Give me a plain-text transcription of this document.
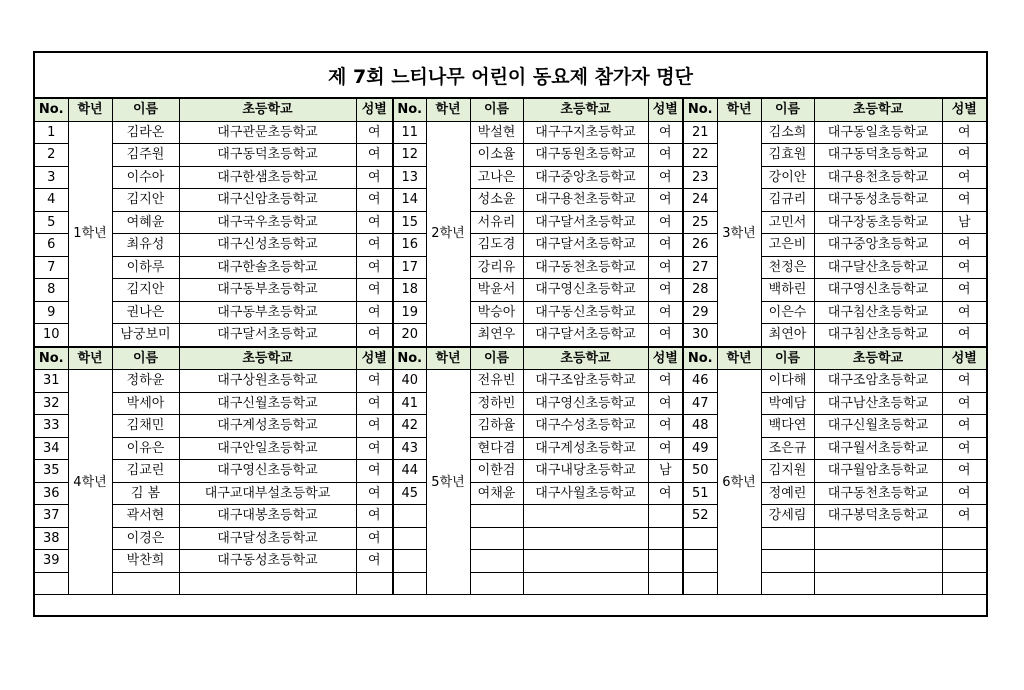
제 7회 느티나무 어린이 동요제 참가자 명단
No.	학년	이름	초등학교	성별	No.	학년	이름	초등학교	성별	No.	학년	이름	초등학교	성별
1	1학년	김라온	대구관문초등학교	여	11	2학년	박설현	대구구지초등학교	여	21	3학년	김소희	대구동일초등학교	여
2		김주원	대구동덕초등학교	여	12		이소율	대구동원초등학교	여	22		김효원	대구동덕초등학교	여
3		이수아	대구한샘초등학교	여	13		고나은	대구중앙초등학교	여	23		강이안	대구용천초등학교	여
4		김지안	대구신암초등학교	여	14		성소윤	대구용천초등학교	여	24		김규리	대구동성초등학교	여
5		여혜윤	대구국우초등학교	여	15		서유리	대구달서초등학교	여	25		고민서	대구장동초등학교	남
6		최유성	대구신성초등학교	여	16		김도경	대구달서초등학교	여	26		고은비	대구중앙초등학교	여
7		이하루	대구한솔초등학교	여	17		강리유	대구동천초등학교	여	27		천정은	대구달산초등학교	여
8		김지안	대구동부초등학교	여	18		박윤서	대구영신초등학교	여	28		백하린	대구영신초등학교	여
9		권나은	대구동부초등학교	여	19		박승아	대구동신초등학교	여	29		이은수	대구침산초등학교	여
10		남궁보미	대구달서초등학교	여	20		최연우	대구달서초등학교	여	30		최연아	대구침산초등학교	여
No.	학년	이름	초등학교	성별	No.	학년	이름	초등학교	성별	No.	학년	이름	초등학교	성별
31	4학년	정하윤	대구상원초등학교	여	40	5학년	전유빈	대구조암초등학교	여	46	6학년	이다해	대구조암초등학교	여
32		박세아	대구신월초등학교	여	41		정하빈	대구영신초등학교	여	47		박예담	대구남산초등학교	여
33		김채민	대구계성초등학교	여	42		김하율	대구수성초등학교	여	48		백다연	대구신월초등학교	여
34		이유은	대구안일초등학교	여	43		현다겸	대구계성초등학교	여	49		조은규	대구월서초등학교	여
35		김교린	대구영신초등학교	여	44		이한검	대구내당초등학교	남	50		김지원	대구월암초등학교	여
36		김 봄	대구교대부설초등학교	여	45		여채윤	대구사월초등학교	여	51		정예린	대구동천초등학교	여
37		곽서현	대구대봉초등학교	여						52		강세림	대구봉덕초등학교	여
38		이경은	대구달성초등학교	여										
39		박찬희	대구동성초등학교	여										
